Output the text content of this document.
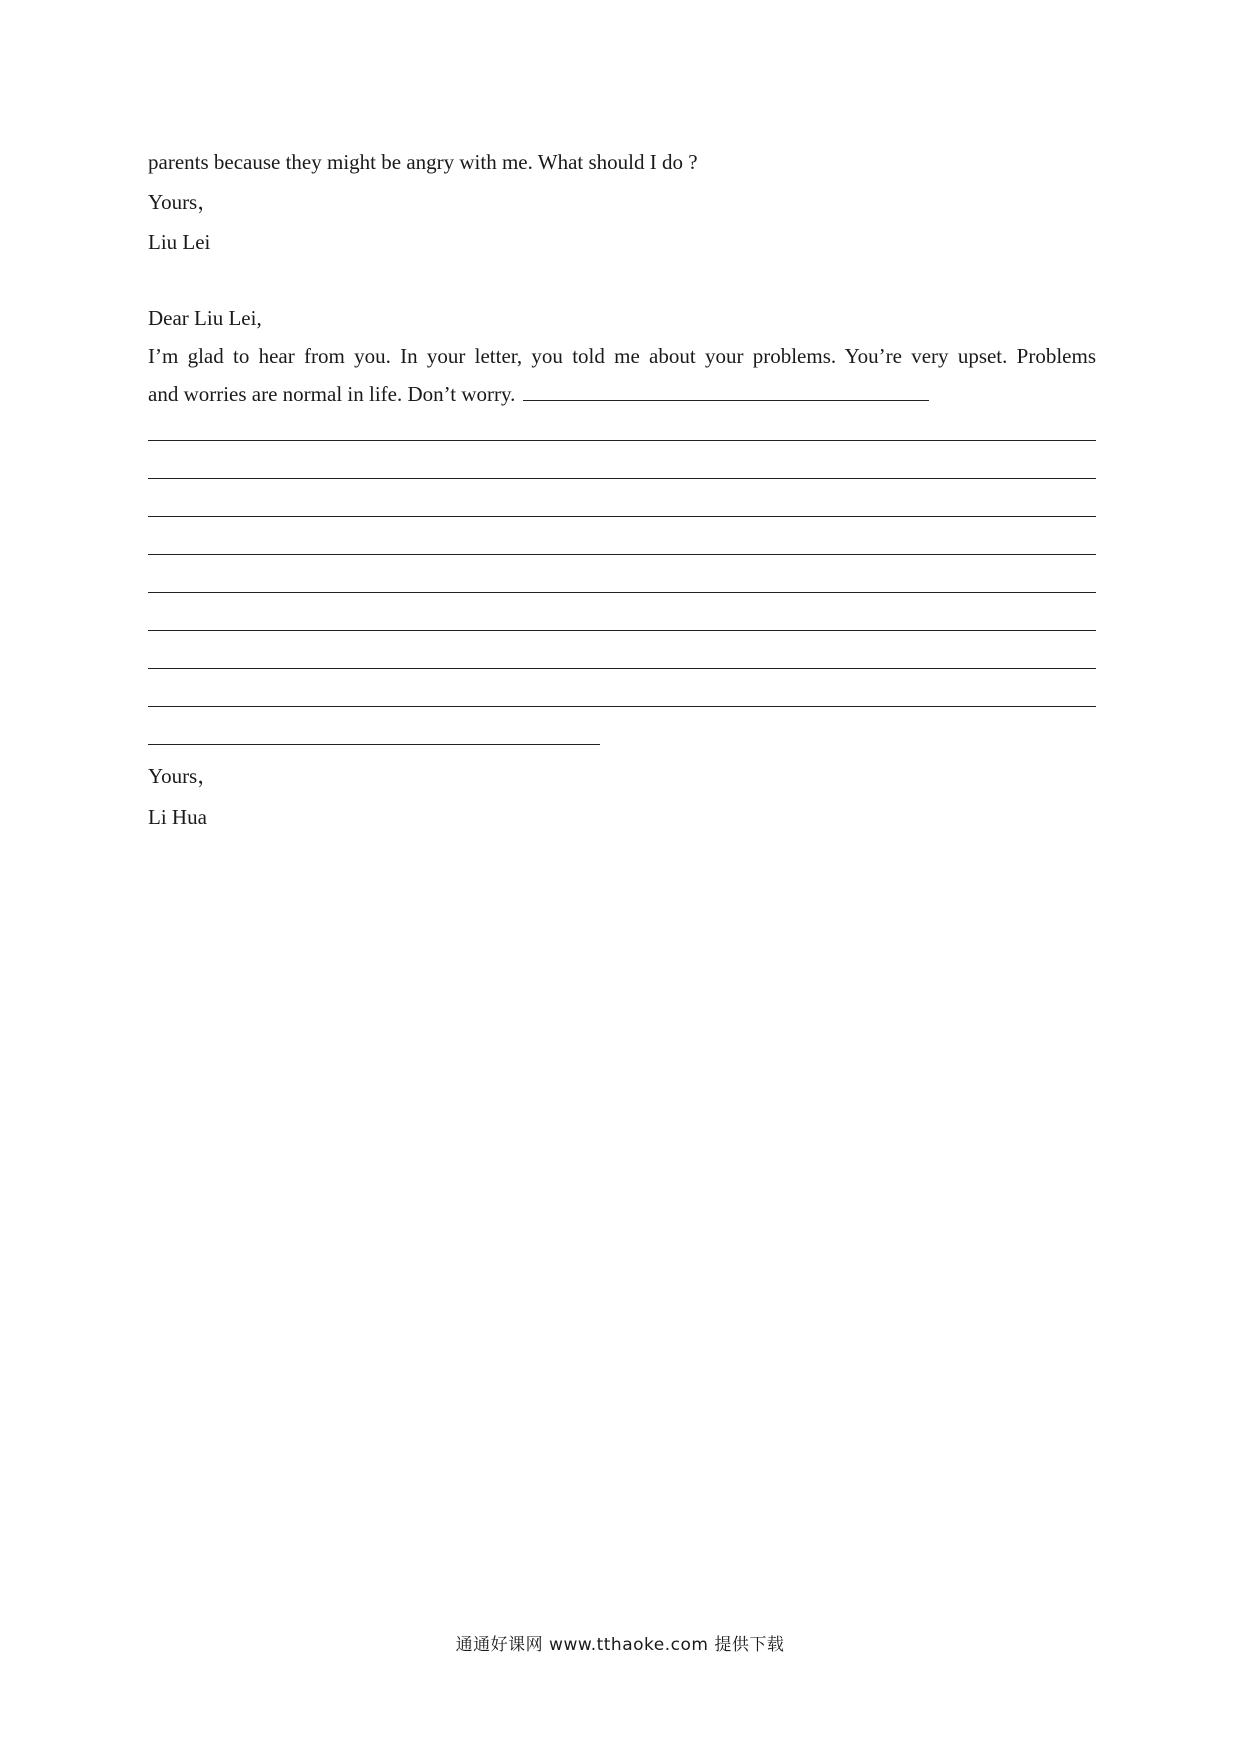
parents because they might be angry with me. What should I do ?
Yours，
Liu Lei
Dear Liu Lei,
I’m glad to hear from you. In your letter, you told me about your problems. You’re very upset. Problems
and worries are normal in life. Don’t worry.
Yours，
Li Hua
通通好课网 www.tthaoke.com 提供下载
